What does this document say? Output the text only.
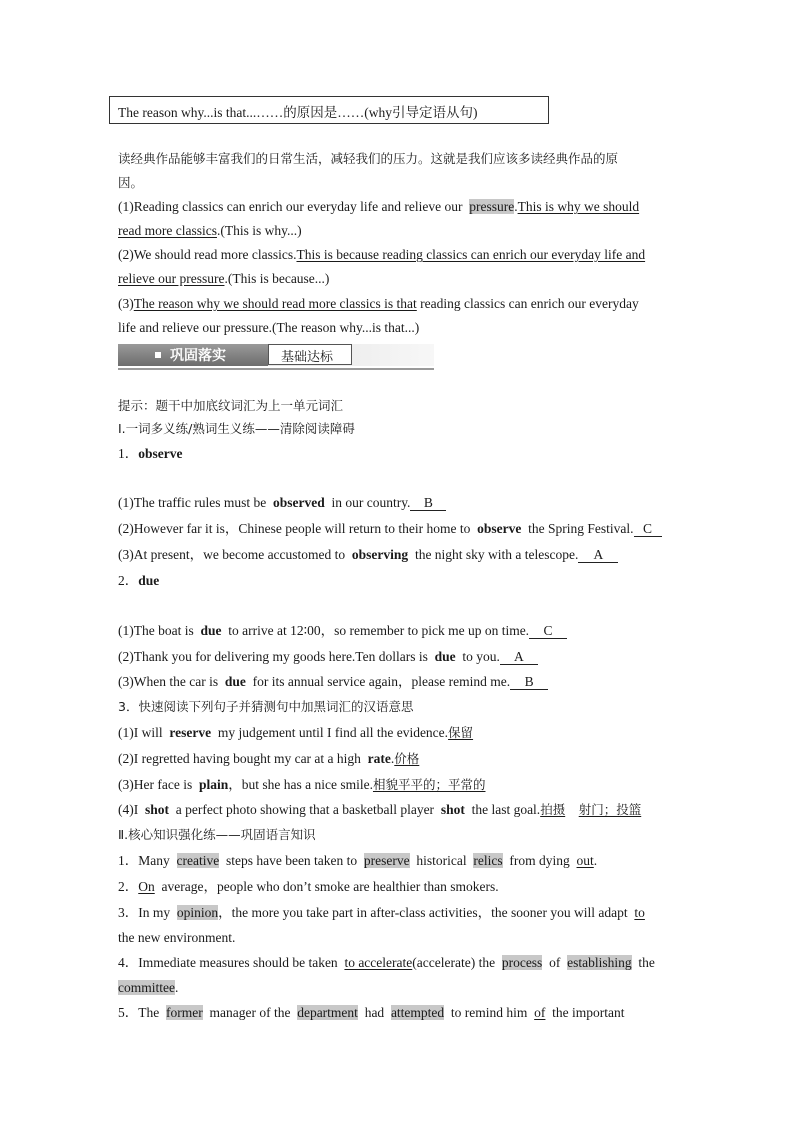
The reason why...is that...……的原因是……(why引导定语从句)
读经典作品能够丰富我们的日常生活，减轻我们的压力。这就是我们应该多读经典作品的原
因。
(1)Reading classics can enrich our everyday life and relieve our pressure.This is why we should
read more classics.(This is why...)
(2)We should read more classics.This is because reading classics can enrich our everyday life and
relieve our pressure.(This is because...)
(3)The reason why we should read more classics is that reading classics can enrich our everyday
life and relieve our pressure.(The reason why...is that...)
巩固落实	基础达标
提示：题干中加底纹词汇为上一单元词汇
Ⅰ.一词多义练/熟词生义练——清除阅读障碍
1．observe
(1)The traffic rules must be observed in our country. B
(2)However far it is，Chinese people will return to their home to observe the Spring Festival. C
(3)At present，we become accustomed to observing the night sky with a telescope. A
2．due
(1)The boat is due to arrive at 12∶00，so remember to pick me up on time. C
(2)Thank you for delivering my goods here.Ten dollars is due to you. A
(3)When the car is due for its annual service again，please remind me. B
3．快速阅读下列句子并猜测句中加黑词汇的汉语意思
(1)I will reserve my judgement until I find all the evidence.保留
(2)I regretted having bought my car at a high rate.价格
(3)Her face is plain，but she has a nice smile.相貌平平的；平常的
(4)I shot a perfect photo showing that a basketball player shot the last goal.拍摄 射门；投篮
Ⅱ.核心知识强化练——巩固语言知识
1．Many creative steps have been taken to preserve historical relics from dying out.
2．On average，people who don’t smoke are healthier than smokers.
3．In my opinion，the more you take part in after-class activities，the sooner you will adapt to
the new environment.
4．Immediate measures should be taken to accelerate(accelerate) the process of establishing the
committee.
5．The former manager of the department had attempted to remind him of the important
